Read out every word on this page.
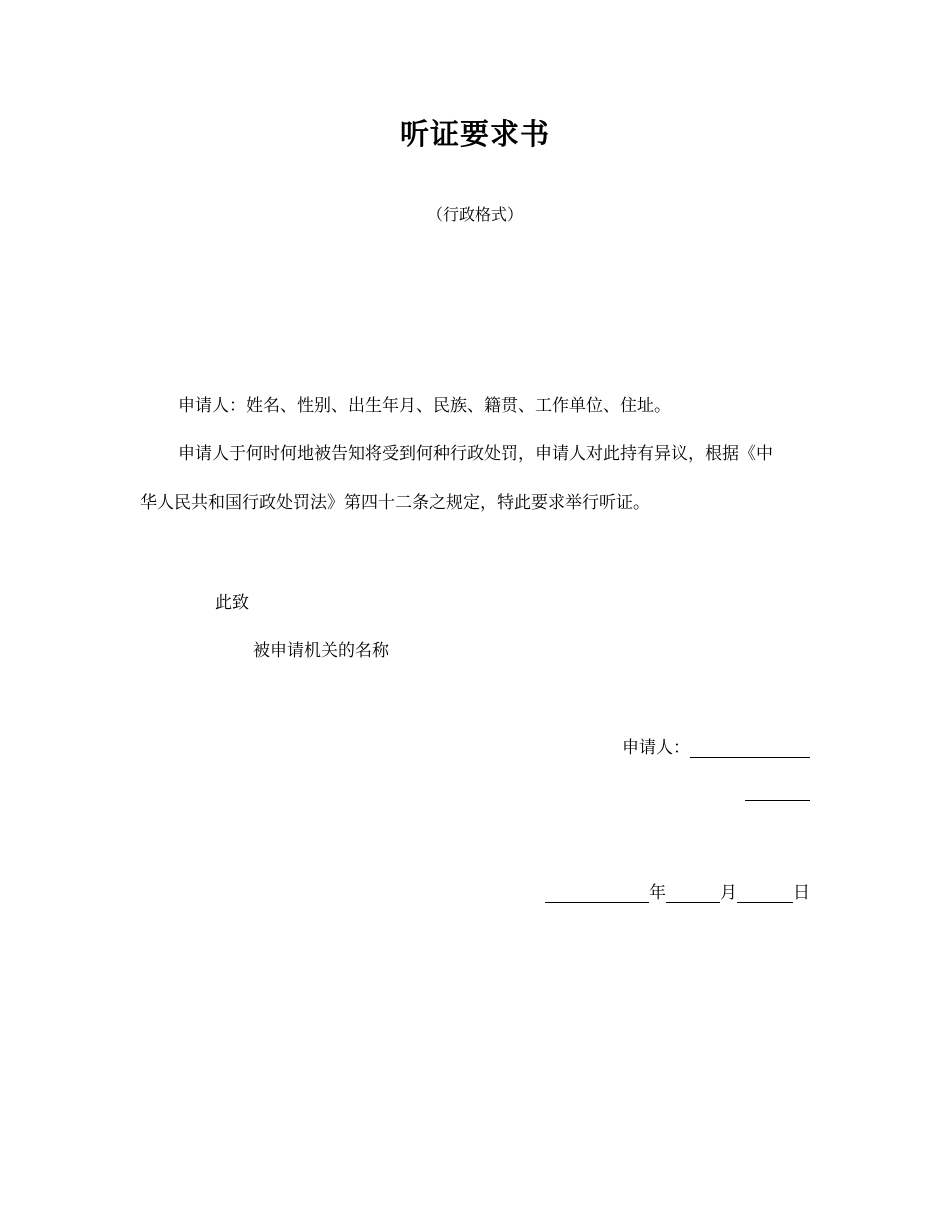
听证要求书
（行政格式）
申请人：姓名、性别、出生年月、民族、籍贯、工作单位、住址。
申请人于何时何地被告知将受到何种行政处罚，申请人对此持有异议，根据《中
华人民共和国行政处罚法》第四十二条之规定，特此要求举行听证。
此致
被申请机关的名称
申请人：
年	月	日
